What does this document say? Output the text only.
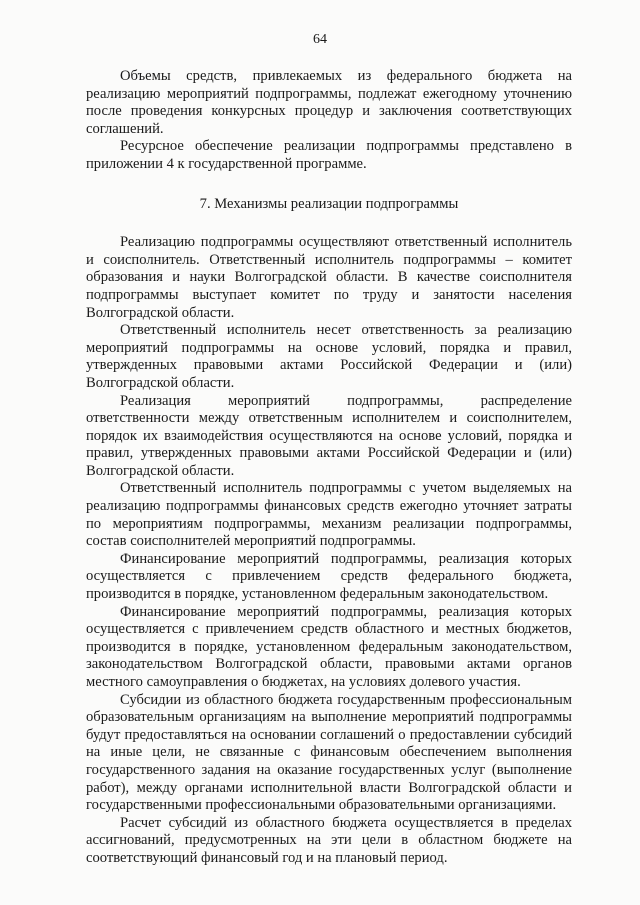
64

Объемы средств, привлекаемых из федерального бюджета на реализацию мероприятий подпрограммы, подлежат ежегодному уточнению после проведения конкурсных процедур и заключения соответствующих соглашений.

Ресурсное обеспечение реализации подпрограммы представлено в приложении 4 к государственной программе.

7. Механизмы реализации подпрограммы

Реализацию подпрограммы осуществляют ответственный исполнитель и соисполнитель. Ответственный исполнитель подпрограммы – комитет образования и науки Волгоградской области. В качестве соисполнителя подпрограммы выступает комитет по труду и занятости населения Волгоградской области.

Ответственный исполнитель несет ответственность за реализацию мероприятий подпрограммы на основе условий, порядка и правил, утвержденных правовыми актами Российской Федерации и (или) Волгоградской области.

Реализация мероприятий подпрограммы, распределение ответственности между ответственным исполнителем и соисполнителем, порядок их взаимодействия осуществляются на основе условий, порядка и правил, утвержденных правовыми актами Российской Федерации и (или) Волгоградской области.

Ответственный исполнитель подпрограммы с учетом выделяемых на реализацию подпрограммы финансовых средств ежегодно уточняет затраты по мероприятиям подпрограммы, механизм реализации подпрограммы, состав соисполнителей мероприятий подпрограммы.

Финансирование мероприятий подпрограммы, реализация которых осуществляется с привлечением средств федерального бюджета, производится в порядке, установленном федеральным законодательством.

Финансирование мероприятий подпрограммы, реализация которых осуществляется с привлечением средств областного и местных бюджетов, производится в порядке, установленном федеральным законодательством, законодательством Волгоградской области, правовыми актами органов местного самоуправления о бюджетах, на условиях долевого участия.

Субсидии из областного бюджета государственным профессиональным образовательным организациям на выполнение мероприятий подпрограммы будут предоставляться на основании соглашений о предоставлении субсидий на иные цели, не связанные с финансовым обеспечением выполнения государственного задания на оказание государственных услуг (выполнение работ), между органами исполнительной власти Волгоградской области и государственными профессиональными образовательными организациями.

Расчет субсидий из областного бюджета осуществляется в пределах ассигнований, предусмотренных на эти цели в областном бюджете на соответствующий финансовый год и на плановый период.
